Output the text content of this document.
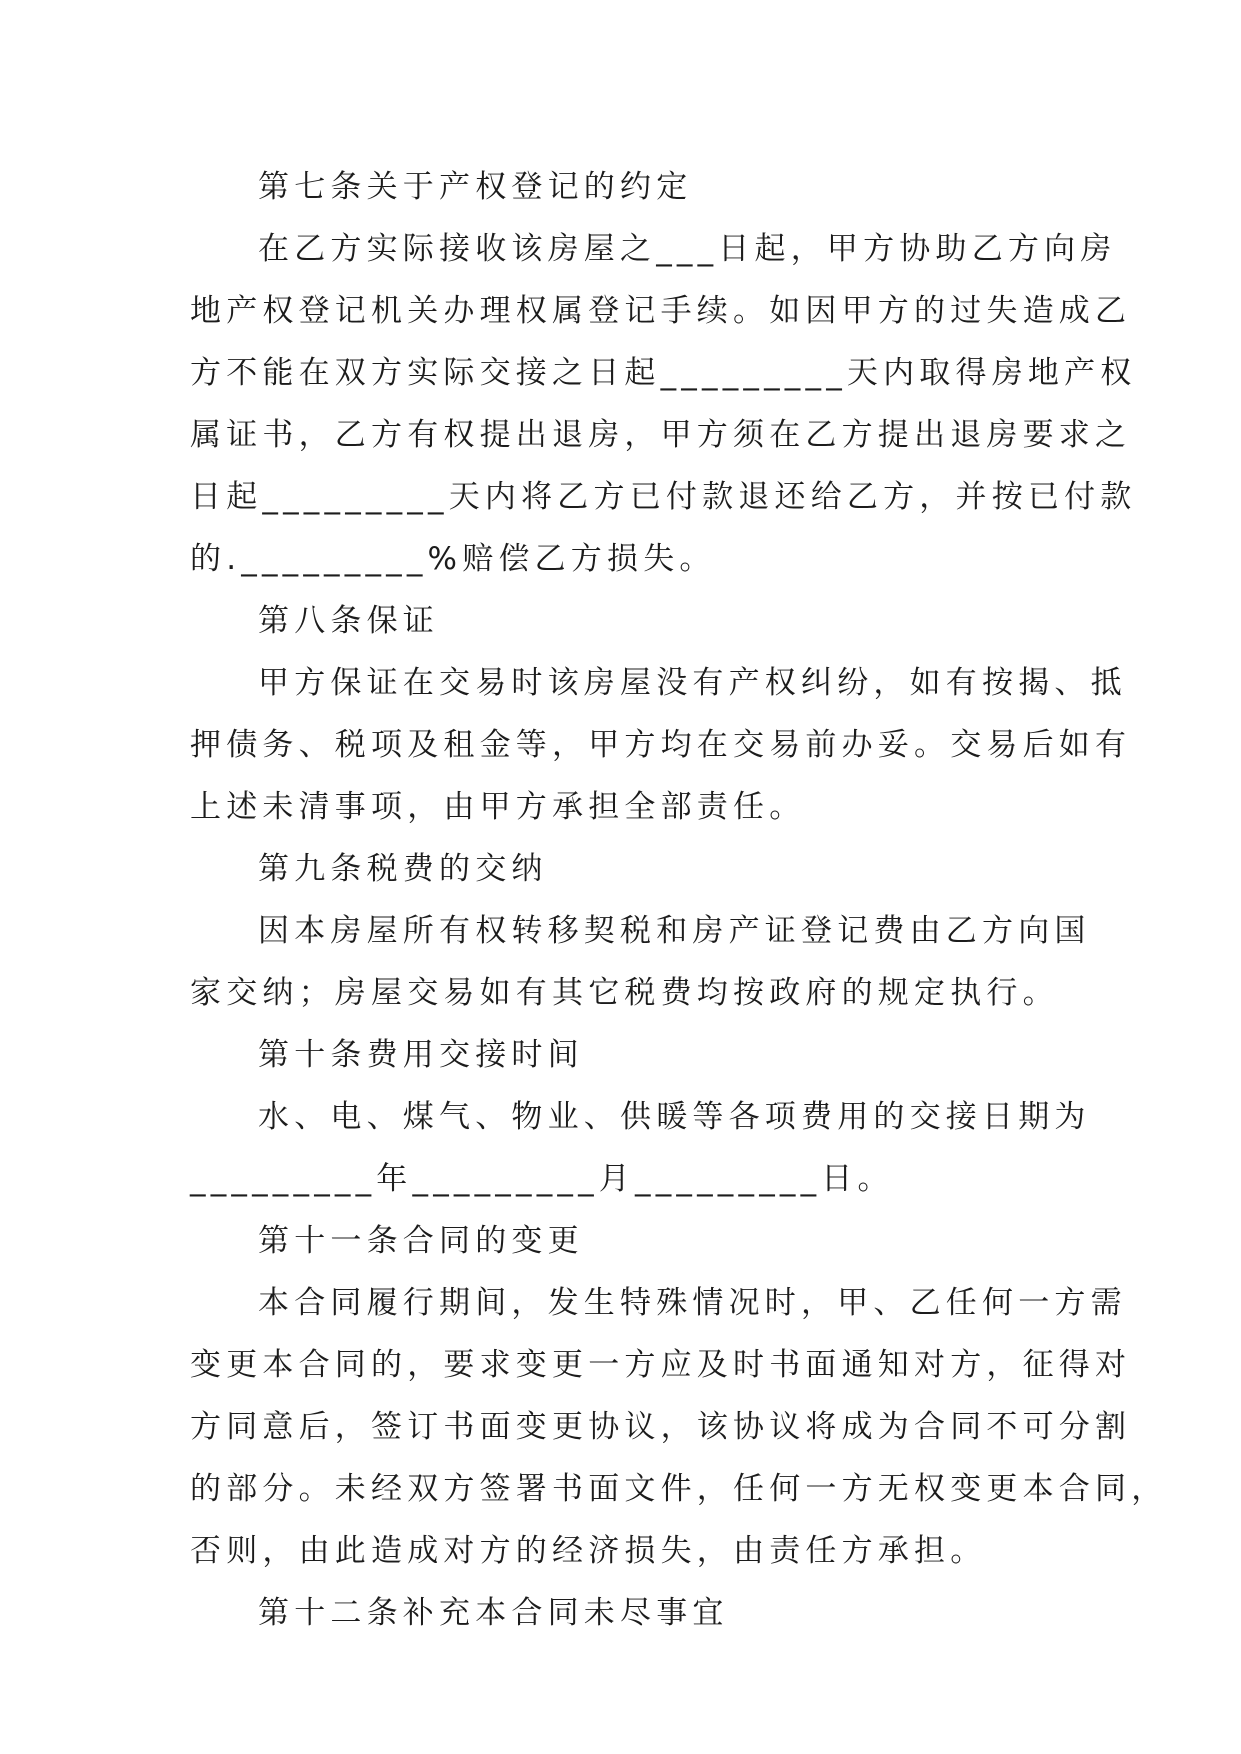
第七条关于产权登记的约定
在乙方实际接收该房屋之___日起，甲方协助乙方向房
地产权登记机关办理权属登记手续。如因甲方的过失造成乙
方不能在双方实际交接之日起_________天内取得房地产权
属证书，乙方有权提出退房，甲方须在乙方提出退房要求之
日起_________天内将乙方已付款退还给乙方，并按已付款
的._________%赔偿乙方损失。
第八条保证
甲方保证在交易时该房屋没有产权纠纷，如有按揭、抵
押债务、税项及租金等，甲方均在交易前办妥。交易后如有
上述未清事项，由甲方承担全部责任。
第九条税费的交纳
因本房屋所有权转移契税和房产证登记费由乙方向国
家交纳；房屋交易如有其它税费均按政府的规定执行。
第十条费用交接时间
水、电、煤气、物业、供暖等各项费用的交接日期为
_________年_________月_________日。
第十一条合同的变更
本合同履行期间，发生特殊情况时，甲、乙任何一方需
变更本合同的，要求变更一方应及时书面通知对方，征得对
方同意后，签订书面变更协议，该协议将成为合同不可分割
的部分。未经双方签署书面文件，任何一方无权变更本合同，
否则，由此造成对方的经济损失，由责任方承担。
第十二条补充本合同未尽事宜
